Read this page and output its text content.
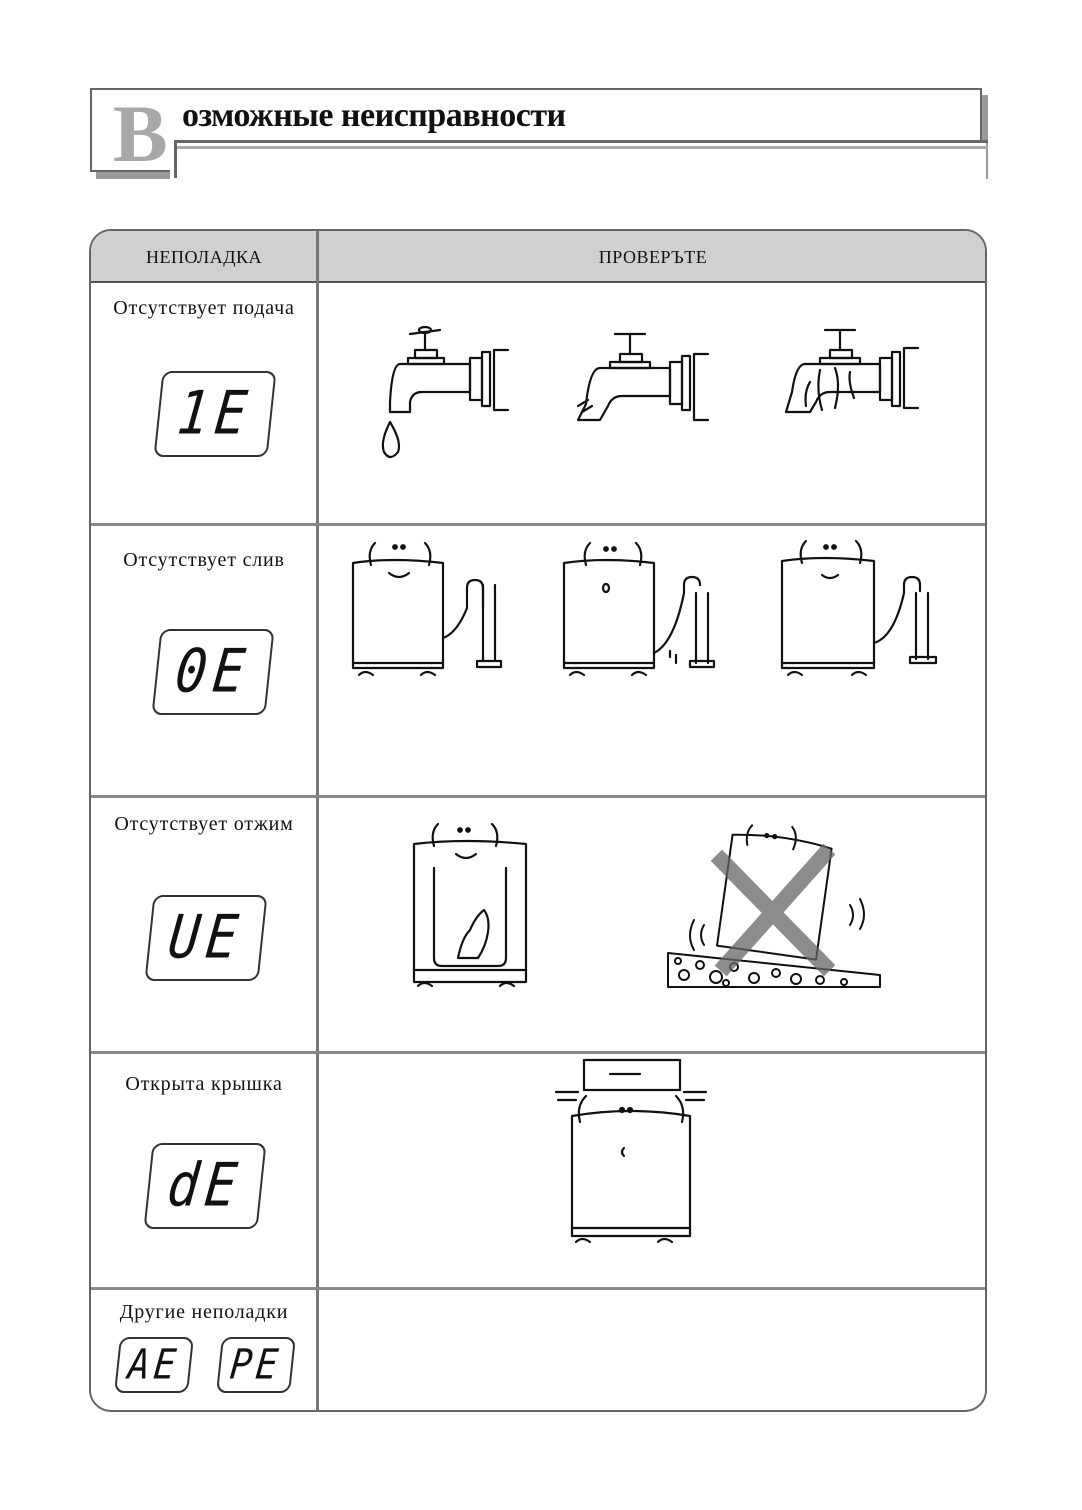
В озможные неисправности
НЕПОЛАДКА	ПРОВЕРЪТЕ
Отсутствует подача
1E
Отсутствует слив
0E
Отсутствует отжим
UE
Открыта крышка
dE
Другие неполадки
AE PE
